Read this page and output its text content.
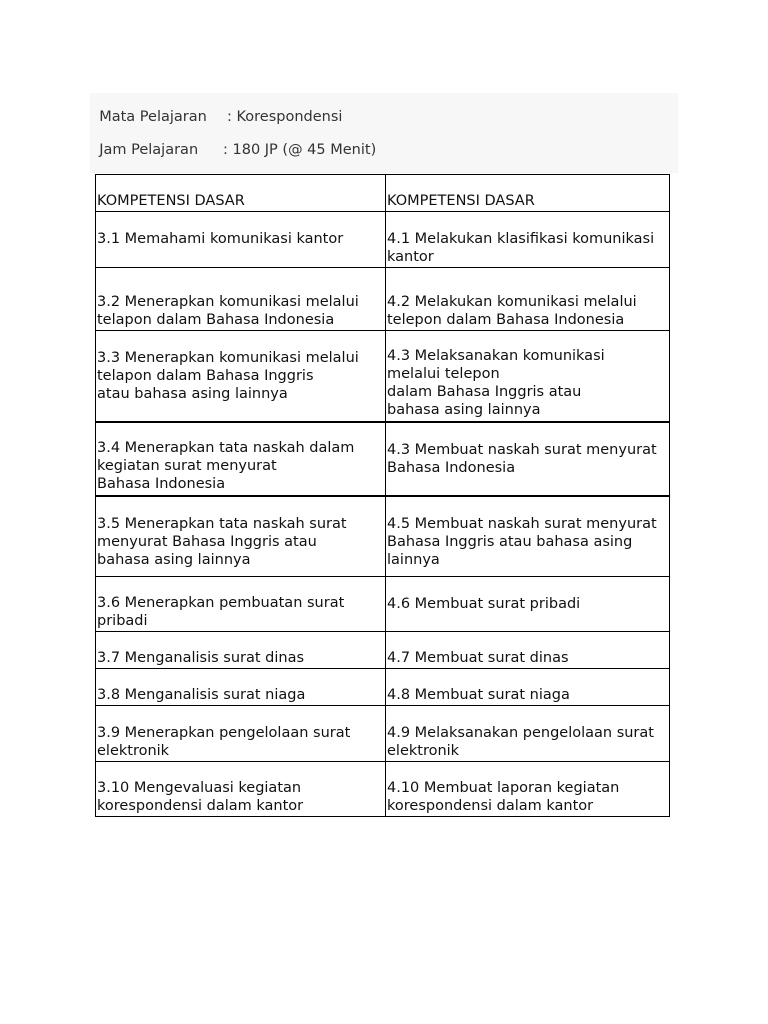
Mata Pelajaran : Korespondensi

Jam Pelajaran : 180 JP (@ 45 Menit)

KOMPETENSI DASAR	KOMPETENSI DASAR
3.1 Memahami komunikasi kantor	4.1 Melakukan klasifikasi komunikasi
kantor
3.2 Menerapkan komunikasi melalui
telapon dalam Bahasa Indonesia	4.2 Melakukan komunikasi melalui
telepon dalam Bahasa Indonesia
3.3 Menerapkan komunikasi melalui
telapon dalam Bahasa Inggris
atau bahasa asing lainnya	4.3 Melaksanakan komunikasi
melalui telepon
dalam Bahasa Inggris atau
bahasa asing lainnya
3.4 Menerapkan tata naskah dalam
kegiatan surat menyurat
Bahasa Indonesia	4.3 Membuat naskah surat menyurat
Bahasa Indonesia
3.5 Menerapkan tata naskah surat
menyurat Bahasa Inggris atau
bahasa asing lainnya	4.5 Membuat naskah surat menyurat
Bahasa Inggris atau bahasa asing
lainnya
3.6 Menerapkan pembuatan surat
pribadi	4.6 Membuat surat pribadi
3.7 Menganalisis surat dinas	4.7 Membuat surat dinas
3.8 Menganalisis surat niaga	4.8 Membuat surat niaga
3.9 Menerapkan pengelolaan surat
elektronik	4.9 Melaksanakan pengelolaan surat
elektronik
3.10 Mengevaluasi kegiatan
korespondensi dalam kantor	4.10 Membuat laporan kegiatan
korespondensi dalam kantor
